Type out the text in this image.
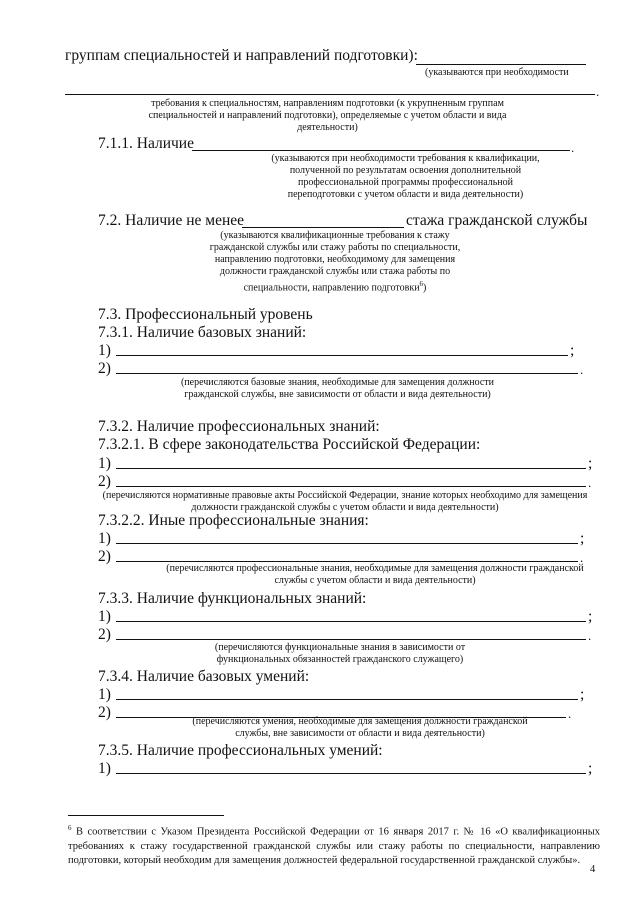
группам специальностей и направлений подготовки):
(указываются при необходимости
.
требования к специальностям, направлениям подготовки (к укрупненным группам специальностей и направлений подготовки), определяемые с учетом области и вида деятельности)
7.1.1. Наличие	.
(указываются при необходимости требования к квалификации, полученной по результатам освоения дополнительной профессиональной программы профессиональной переподготовки с учетом области и вида деятельности)
7.2. Наличие не менее	стажа гражданской службы
(указываются квалификационные требования к стажу гражданской службы или стажу работы по специальности, направлению подготовки, необходимому для замещения должности гражданской службы или стажа работы по специальности, направлению подготовки$^6$)
7.3. Профессиональный уровень
7.3.1. Наличие базовых знаний:
1)	;
2)	.
(перечисляются базовые знания, необходимые для замещения должности гражданской службы, вне зависимости от области и вида деятельности)
7.3.2. Наличие профессиональных знаний:
7.3.2.1. В сфере законодательства Российской Федерации:
1)	;
2)	.
(перечисляются нормативные правовые акты Российской Федерации, знание которых необходимо для замещения должности гражданской службы с учетом области и вида деятельности)
7.3.2.2. Иные профессиональные знания:
1)	;
2)	.
(перечисляются профессиональные знания, необходимые для замещения должности гражданской службы с учетом области и вида деятельности)
7.3.3. Наличие функциональных знаний:
1)	;
2)	.
(перечисляются функциональные знания в зависимости от функциональных обязанностей гражданского служащего)
7.3.4. Наличие базовых умений:
1)	;
2)	.
(перечисляются умения, необходимые для замещения должности гражданской службы, вне зависимости от области и вида деятельности)
7.3.5. Наличие профессиональных умений:
1)	;
$^6$ В соответствии с Указом Президента Российской Федерации от 16 января 2017 г. № 16 «О квалификационных требованиях к стажу государственной гражданской службы или стажу работы по специальности, направлению подготовки, который необходим для замещения должностей федеральной государственной гражданской службы».
4
